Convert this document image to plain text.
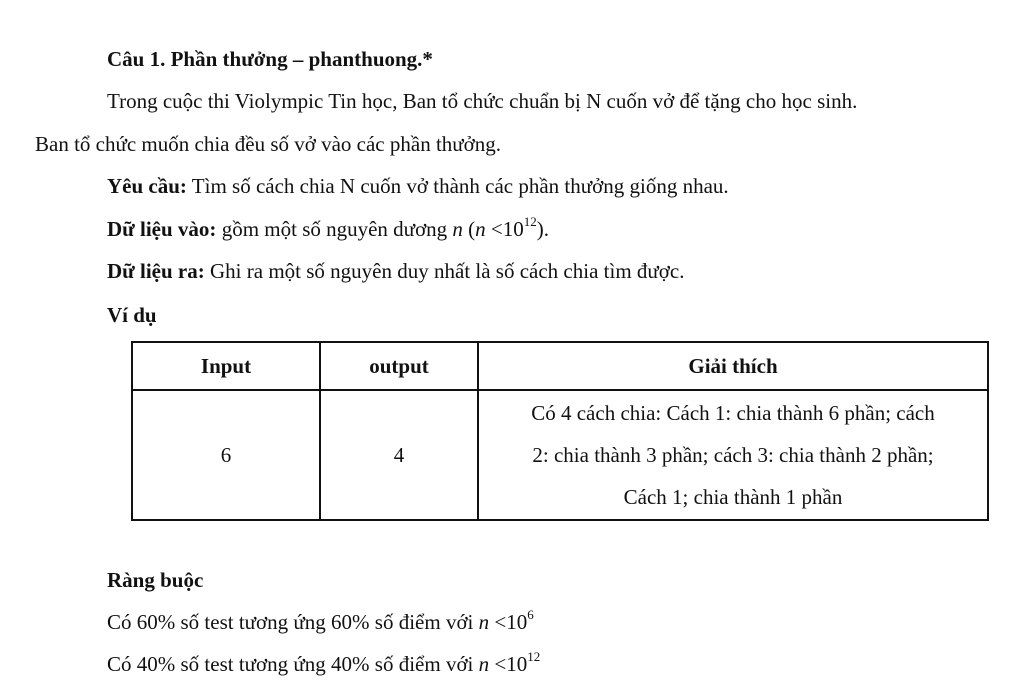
Câu 1. Phần thưởng – phanthuong.*
Trong cuộc thi Violympic Tin học, Ban tổ chức chuẩn bị N cuốn vở để tặng cho học sinh.
Ban tổ chức muốn chia đều số vở vào các phần thưởng.
Yêu cầu: Tìm số cách chia N cuốn vở thành các phần thưởng giống nhau.
Dữ liệu vào: gồm một số nguyên dương n $(n <10^{12})$.
Dữ liệu ra: Ghi ra một số nguyên duy nhất là số cách chia tìm được.
Ví dụ
Input	output	Giải thích
6	4	Có 4 cách chia: Cách 1: chia thành 6 phần; cách
2: chia thành 3 phần; cách 3: chia thành 2 phần;
Cách 1; chia thành 1 phần
Ràng buộc
Có 60% số test tương ứng 60% số điểm với $n <10^6$
Có 40% số test tương ứng 40% số điểm với $n <10^{12}$
